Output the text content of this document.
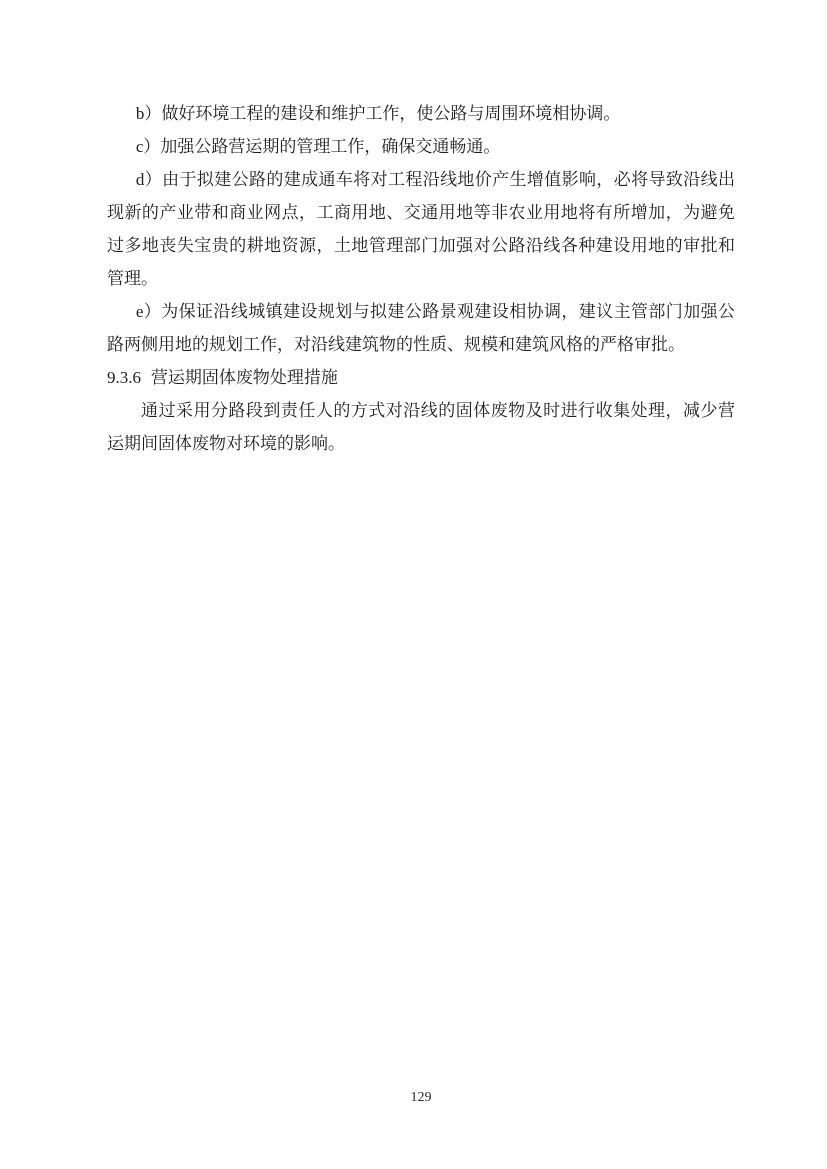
b）做好环境工程的建设和维护工作，使公路与周围环境相协调。

c）加强公路营运期的管理工作，确保交通畅通。

d）由于拟建公路的建成通车将对工程沿线地价产生增值影响，必将导致沿线出现新的产业带和商业网点，工商用地、交通用地等非农业用地将有所增加，为避免过多地丧失宝贵的耕地资源，土地管理部门加强对公路沿线各种建设用地的审批和管理。

e）为保证沿线城镇建设规划与拟建公路景观建设相协调，建议主管部门加强公路两侧用地的规划工作，对沿线建筑物的性质、规模和建筑风格的严格审批。

9.3.6 营运期固体废物处理措施

通过采用分路段到责任人的方式对沿线的固体废物及时进行收集处理，减少营运期间固体废物对环境的影响。

129
